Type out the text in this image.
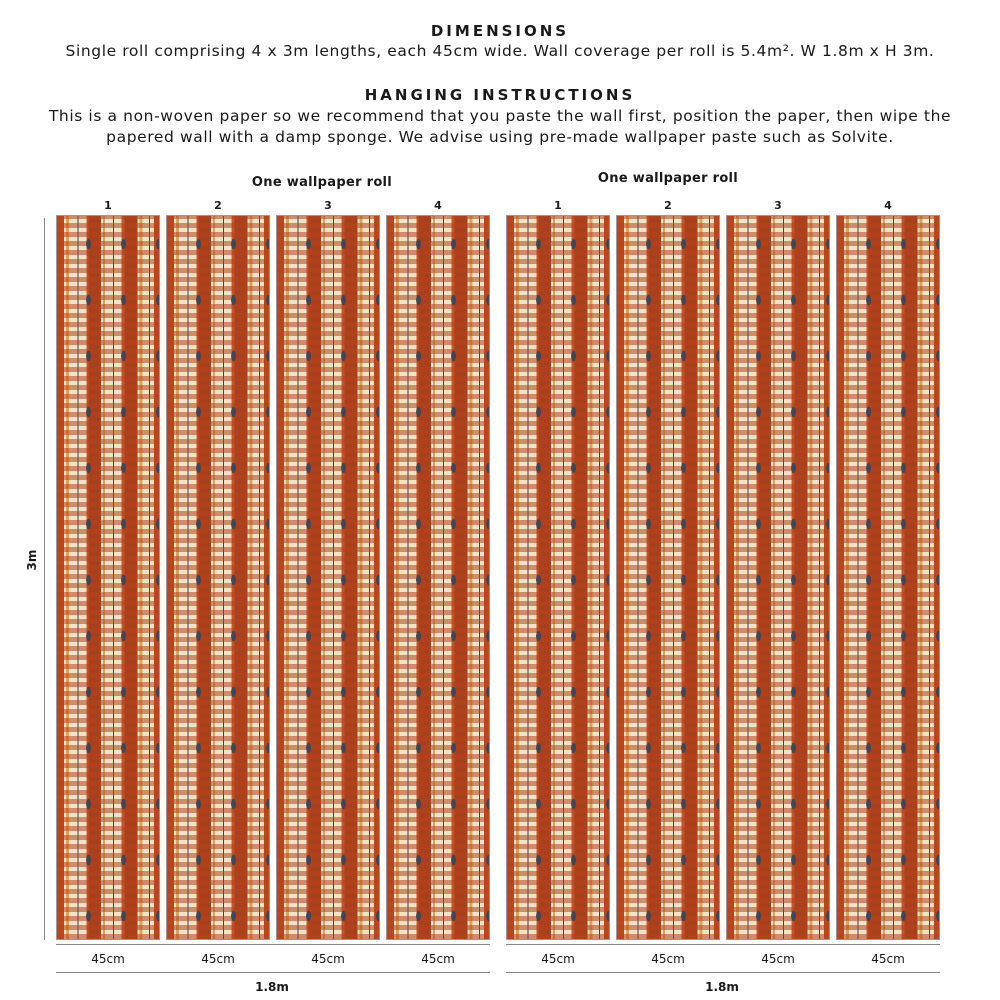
DIMENSIONS
Single roll comprising 4 x 3m lengths, each 45cm wide. Wall coverage per roll is 5.4m². W 1.8m x H 3m.
HANGING INSTRUCTIONS
This is a non-woven paper so we recommend that you paste the wall first, position the paper, then wipe the
papered wall with a damp sponge. We advise using pre-made wallpaper paste such as Solvite.
One wallpaper roll
1	2	3	4
One wallpaper roll
1	2	3	4
3m
45cm	45cm	45cm	45cm	45cm	45cm	45cm	45cm
1.8m	1.8m
